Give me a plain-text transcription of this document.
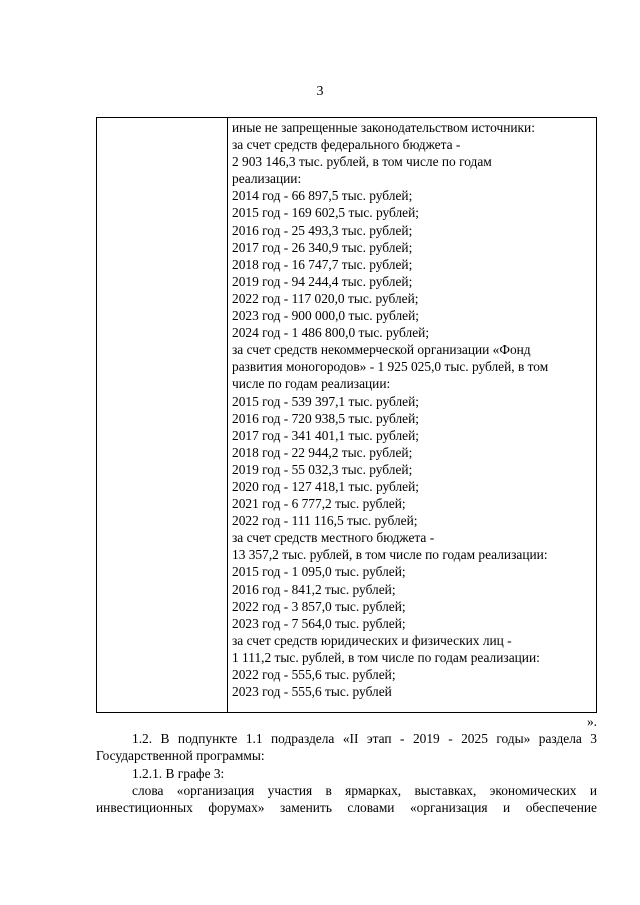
3
иные не запрещенные законодательством источники:
за счет средств федерального бюджета -
2 903 146,3 тыс. рублей, в том числе по годам
реализации:
2014 год - 66 897,5 тыс. рублей;
2015 год - 169 602,5 тыс. рублей;
2016 год - 25 493,3 тыс. рублей;
2017 год - 26 340,9 тыс. рублей;
2018 год - 16 747,7 тыс. рублей;
2019 год - 94 244,4 тыс. рублей;
2022 год - 117 020,0 тыс. рублей;
2023 год - 900 000,0 тыс. рублей;
2024 год - 1 486 800,0 тыс. рублей;
за счет средств некоммерческой организации «Фонд
развития моногородов» - 1 925 025,0 тыс. рублей, в том
числе по годам реализации:
2015 год - 539 397,1 тыс. рублей;
2016 год - 720 938,5 тыс. рублей;
2017 год - 341 401,1 тыс. рублей;
2018 год - 22 944,2 тыс. рублей;
2019 год - 55 032,3 тыс. рублей;
2020 год - 127 418,1 тыс. рублей;
2021 год - 6 777,2 тыс. рублей;
2022 год - 111 116,5 тыс. рублей;
за счет средств местного бюджета -
13 357,2 тыс. рублей, в том числе по годам реализации:
2015 год - 1 095,0 тыс. рублей;
2016 год - 841,2 тыс. рублей;
2022 год - 3 857,0 тыс. рублей;
2023 год - 7 564,0 тыс. рублей;
за счет средств юридических и физических лиц -
1 111,2 тыс. рублей, в том числе по годам реализации:
2022 год - 555,6 тыс. рублей;
2023 год - 555,6 тыс. рублей
».

1.2. В подпункте 1.1 подраздела «II этап - 2019 - 2025 годы» раздела 3 Государственной программы:

1.2.1. В графе 3:

слова «организация участия в ярмарках, выставках, экономических и инвестиционных форумах» заменить словами «организация и обеспечение
